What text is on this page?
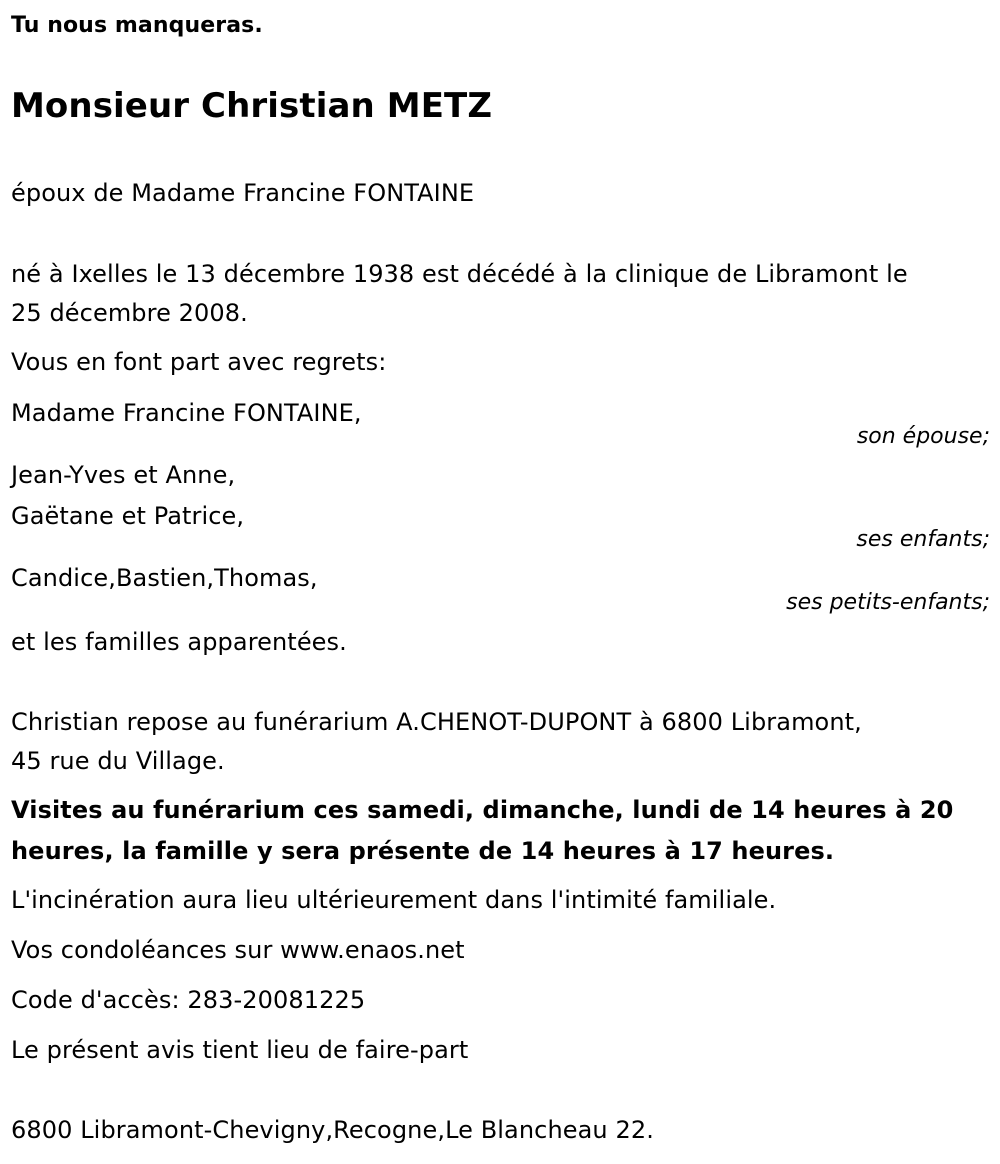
Tu nous manqueras.
Monsieur Christian METZ
époux de Madame Francine FONTAINE
né à Ixelles le 13 décembre 1938 est décédé à la clinique de Libramont le
25 décembre 2008.
Vous en font part avec regrets:
Madame Francine FONTAINE,
son épouse;
Jean-Yves et Anne,
Gaëtane et Patrice,
ses enfants;
Candice,Bastien,Thomas,
ses petits-enfants;
et les familles apparentées.
Christian repose au funérarium A.CHENOT-DUPONT à 6800 Libramont,
45 rue du Village.
Visites au funérarium ces samedi, dimanche, lundi de 14 heures à 20
heures, la famille y sera présente de 14 heures à 17 heures.
L'incinération aura lieu ultérieurement dans l'intimité familiale.
Vos condoléances sur www.enaos.net
Code d'accès: 283-20081225
Le présent avis tient lieu de faire-part
6800 Libramont-Chevigny,Recogne,Le Blancheau 22.
